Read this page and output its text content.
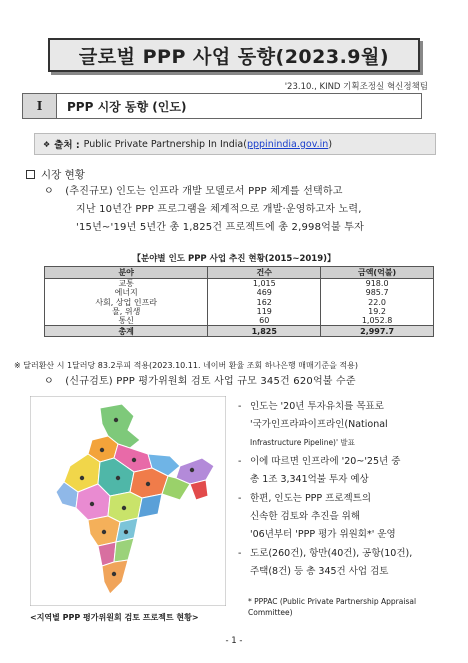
글로벌 PPP 사업 동향(2023.9월)
'23.10., KIND 기획조정실 혁신정책팀
Ⅰ	PPP 시장 동향 (인도)
❖ 출처 : Public Private Partnership In India( pppinindia.gov.in )
시장 현황
ㅇ (추진규모) 인도는 인프라 개발 모델로서 PPP 체계를 선택하고
지난 10년간 PPP 프로그램을 체계적으로 개발·운영하고자 노력,
'15년~'19년 5년간 총 1,825건 프로젝트에 총 2,998억불 투자
【분야별 인도 PPP 사업 추진 현황(2015~2019)】
분야	건수	금액(억불)
교통	1,015	918.0
에너지	469	985.7
사회, 상업 인프라	162	22.0
물, 위생	119	19.2
통신	60	1,052.8
총계	1,825	2,997.7
※ 달러환산 시 1달러당 83.2루피 적용(2023.10.11. 네이버 환율 조회 하나은행 매매기준을 적용)
ㅇ (신규검토) PPP 평가위원회 검토 사업 규모 345건 620억불 수준
<지역별 PPP 평가위원회 검토 프로젝트 현황>
- 인도는 '20년 투자유치를 목표로
'국가인프라파이프라인(National
Infrastructure Pipeline)' 발표
- 이에 따르면 인프라에 '20~'25년 중
총 1조 3,341억불 투자 예상
- 한편, 인도는 PPP 프로젝트의
신속한 검토와 추진을 위해
'06년부터 'PPP 평가 위원회*' 운영
- 도로(260건), 항만(40건), 공항(10건),
주택(8건) 등 총 345건 사업 검토
* PPPAC (Public Private Partnership Appraisal Committee)
- 1 -
